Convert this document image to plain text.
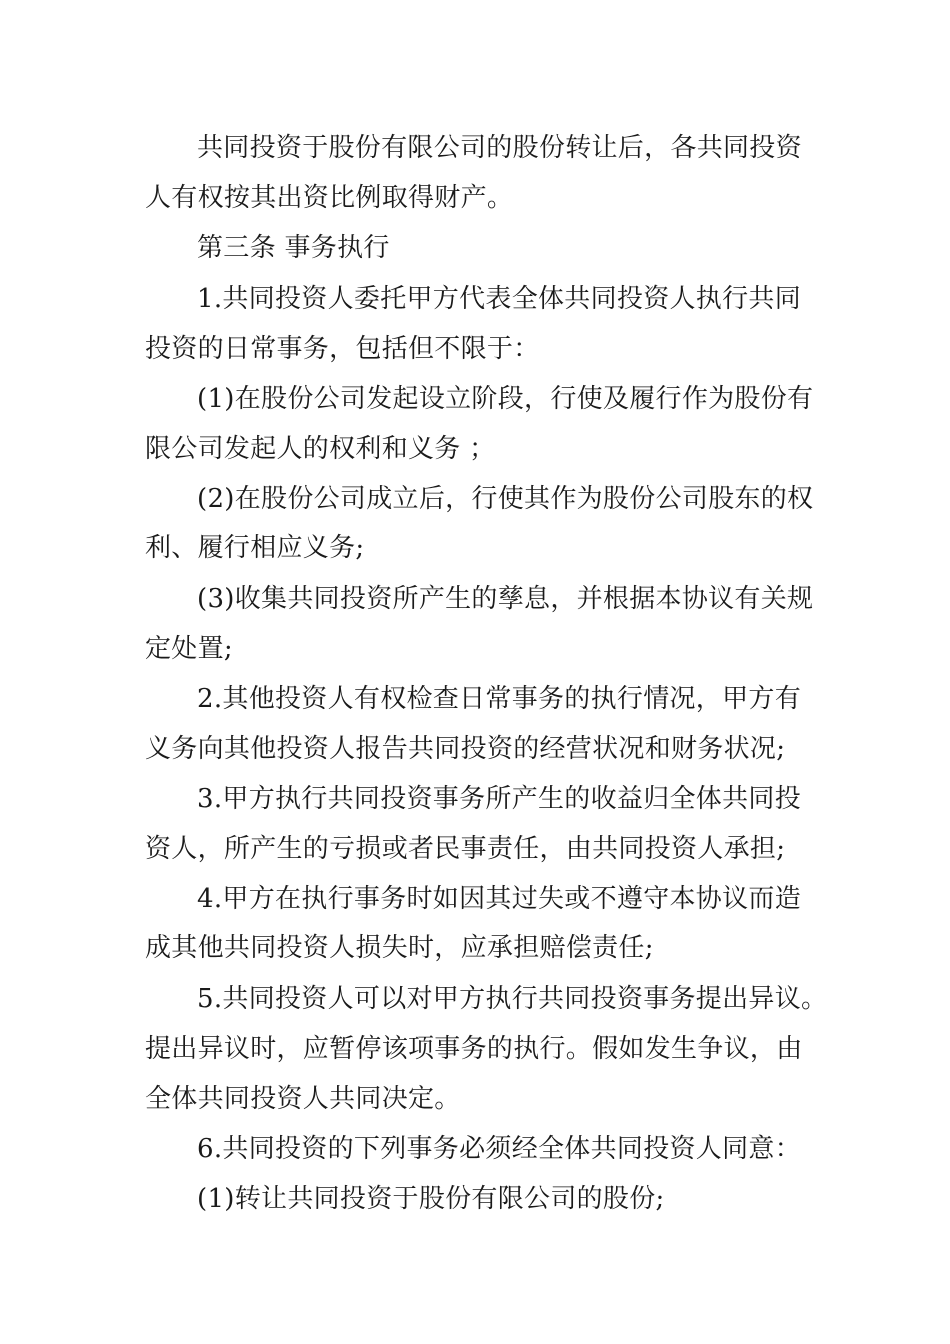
共同投资于股份有限公司的股份转让后，各共同投资

人有权按其出资比例取得财产。

第三条 事务执行

1.共同投资人委托甲方代表全体共同投资人执行共同

投资的日常事务，包括但不限于：

(1)在股份公司发起设立阶段，行使及履行作为股份有

限公司发起人的权利和义务 ；

(2)在股份公司成立后，行使其作为股份公司股东的权

利、履行相应义务;

(3)收集共同投资所产生的孳息，并根据本协议有关规

定处置;

2.其他投资人有权检查日常事务的执行情况，甲方有

义务向其他投资人报告共同投资的经营状况和财务状况;

3.甲方执行共同投资事务所产生的收益归全体共同投

资人，所产生的亏损或者民事责任，由共同投资人承担;

4.甲方在执行事务时如因其过失或不遵守本协议而造

成其他共同投资人损失时，应承担赔偿责任;

5.共同投资人可以对甲方执行共同投资事务提出异议。

提出异议时，应暂停该项事务的执行。假如发生争议，由

全体共同投资人共同决定。

6.共同投资的下列事务必须经全体共同投资人同意：

(1)转让共同投资于股份有限公司的股份;
